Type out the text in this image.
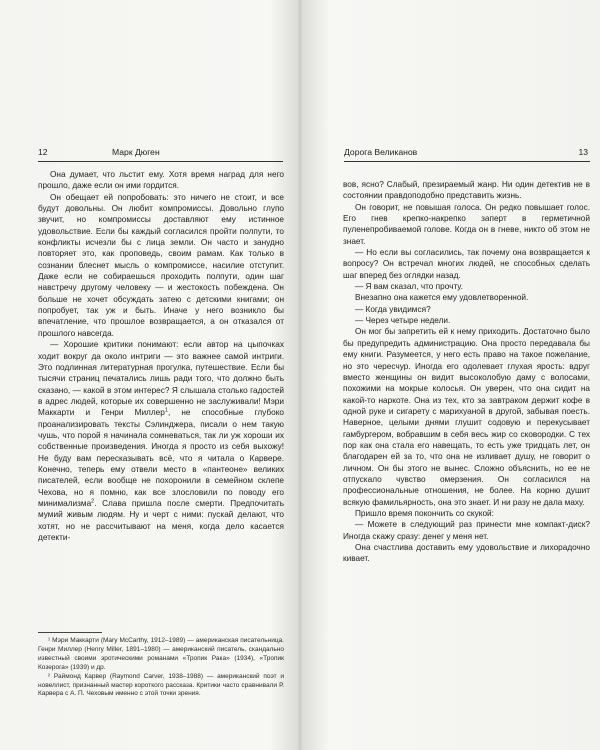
12	Марк Дюген

Она думает, что льстит ему. Хотя время наград для него прошло, даже если он ими гордится.

Он обещает ей попробовать: это ничего не стоит, и все будут довольны. Он любит компромиссы. Довольно глупо звучит, но компромиссы доставляют ему истинное удовольствие. Если бы каждый согласился пройти полпути, то конфликты исчезли бы с лица земли. Он часто и занудно повторяет это, как проповедь, своим рамам. Как только в сознании блеснет мысль о компромиссе, насилие отступит. Даже если не собираешься проходить полпути, один шаг навстречу другому человеку — и жестокость побеждена. Он больше не хочет обсуждать затею с детскими книгами; он попробует, так уж и быть. Иначе у него возникло бы впечатление, что прошлое возвращается, а он отказался от прошлого навсегда.

— Хорошие критики понимают: если автор на цыпочках ходит вокруг да около интриги — это важнее самой интриги. Это подлинная литературная прогулка, путешествие. Если бы тысячи страниц печатались лишь ради того, что должно быть сказано, — какой в этом интерес? Я слышала столько гадостей в адрес людей, которые их совершенно не заслуживали! Мэри Маккарти и Генри Миллер$^1$, не способные глубоко проанализировать тексты Сэлинджера, писали о нем такую чушь, что порой я начинала сомневаться, так ли уж хороши их собственные произведения. Иногда я просто из себя выхожу! Не буду вам пересказывать всё, что я читала о Карвере. Конечно, теперь ему отвели место в «пантеоне» великих писателей, если вообще не похоронили в семейном склепе Чехова, но я помню, как все злословили по поводу его минимализма$^2$. Слава пришла после смерти. Предпочитать мумий живым людям. Ну и черт с ними: пускай делают, что хотят, но не рассчитывают на меня, когда дело касается детекти-

¹ Мэри Маккарти (Mary McCarthy, 1912–1989) — американская писательница. Генри Миллер (Henry Miller, 1891–1980) — американский писатель, скандально известный своими эротическими романами «Тропик Рака» (1934), «Тропик Козерога» (1939) и др.

² Раймонд Карвер (Raymond Carver, 1938–1988) — американский поэт и новеллист, признанный мастер короткого рассказа. Критики часто сравнивали Р. Карвера с А. П. Чеховым именно с этой точки зрения.

Дорога Великанов	13

вов, ясно? Слабый, презираемый жанр. Ни один детектив не в состоянии правдоподобно представить жизнь.

Он говорит, не повышая голоса. Он редко повышает голос. Его гнев крепко-накрепко заперт в герметичной пуленепробиваемой голове. Когда он в гневе, никто об этом не знает.

— Но если вы согласились, так почему она возвращается к вопросу? Он встречал многих людей, не способных сделать шаг вперед без оглядки назад.

— Я вам сказал, что прочту.

Внезапно она кажется ему удовлетворенной.

— Когда увидимся?

— Через четыре недели.

Он мог бы запретить ей к нему приходить. Достаточно было бы предупредить администрацию. Она просто передавала бы ему книги. Разумеется, у него есть право на такое пожелание, но это чересчур. Иногда его одолевает глухая ярость: вдруг вместо женщины он видит высоколобую даму с волосами, похожими на мокрые колосья. Он уверен, что она сидит на какой-то наркоте. Она из тех, кто за завтраком держит кофе в одной руке и сигарету с марихуаной в другой, забывая поесть. Наверное, целыми днями глушит содовую и перекусывает гамбургером, вобравшим в себя весь жир со сковородки. С тех пор как она стала его навещать, то есть уже тридцать лет, он благодарен ей за то, что она не изливает душу, не говорит о личном. Он бы этого не вынес. Сложно объяснить, но ее не отпускало чувство омерзения. Он согласился на профессиональные отношения, не более. На корню душит всякую фамильярность, она это знает. И ни разу не дала маху.

Пришло время покончить со скукой:

— Можете в следующий раз принести мне компакт-диск? Иногда скажу сразу: денег у меня нет.

Она счастлива доставить ему удовольствие и лихорадочно кивает.
